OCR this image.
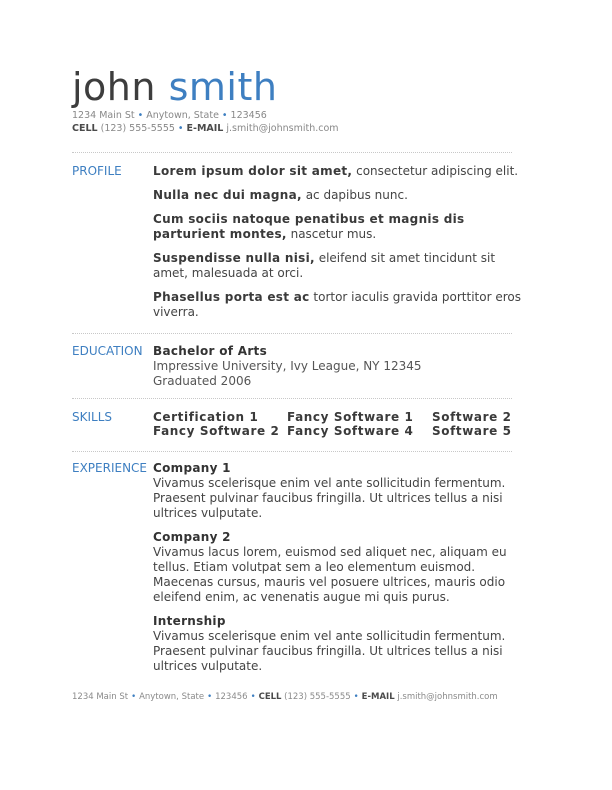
john smith
1234 Main St • Anytown, State • 123456
CELL (123) 555-5555 • E-MAIL j.smith@johnsmith.com
PROFILE	Lorem ipsum dolor sit amet, consectetur adipiscing elit.

Nulla nec dui magna, ac dapibus nunc.

Cum sociis natoque penatibus et magnis dis parturient montes, nascetur mus.

Suspendisse nulla nisi, eleifend sit amet tincidunt sit amet, malesuada at orci.

Phasellus porta est ac tortor iaculis gravida porttitor eros viverra.

EDUCATION Bachelor of Arts
Impressive University, Ivy League, NY 12345
Graduated 2006
SKILLS	Certification 1 Fancy Software 1 Software 2
Fancy Software 2 Fancy Software 4 Software 5
EXPERIENCE Company 1
Vivamus scelerisque enim vel ante sollicitudin fermentum. Praesent pulvinar faucibus fringilla. Ut ultrices tellus a nisi ultrices vulputate.
Company 2
Vivamus lacus lorem, euismod sed aliquet nec, aliquam eu tellus. Etiam volutpat sem a leo elementum euismod. Maecenas cursus, mauris vel posuere ultrices, mauris odio eleifend enim, ac venenatis augue mi quis purus.
Internship
Vivamus scelerisque enim vel ante sollicitudin fermentum. Praesent pulvinar faucibus fringilla. Ut ultrices tellus a nisi ultrices vulputate.
1234 Main St • Anytown, State • 123456 • CELL (123) 555-5555 • E-MAIL j.smith@johnsmith.com
